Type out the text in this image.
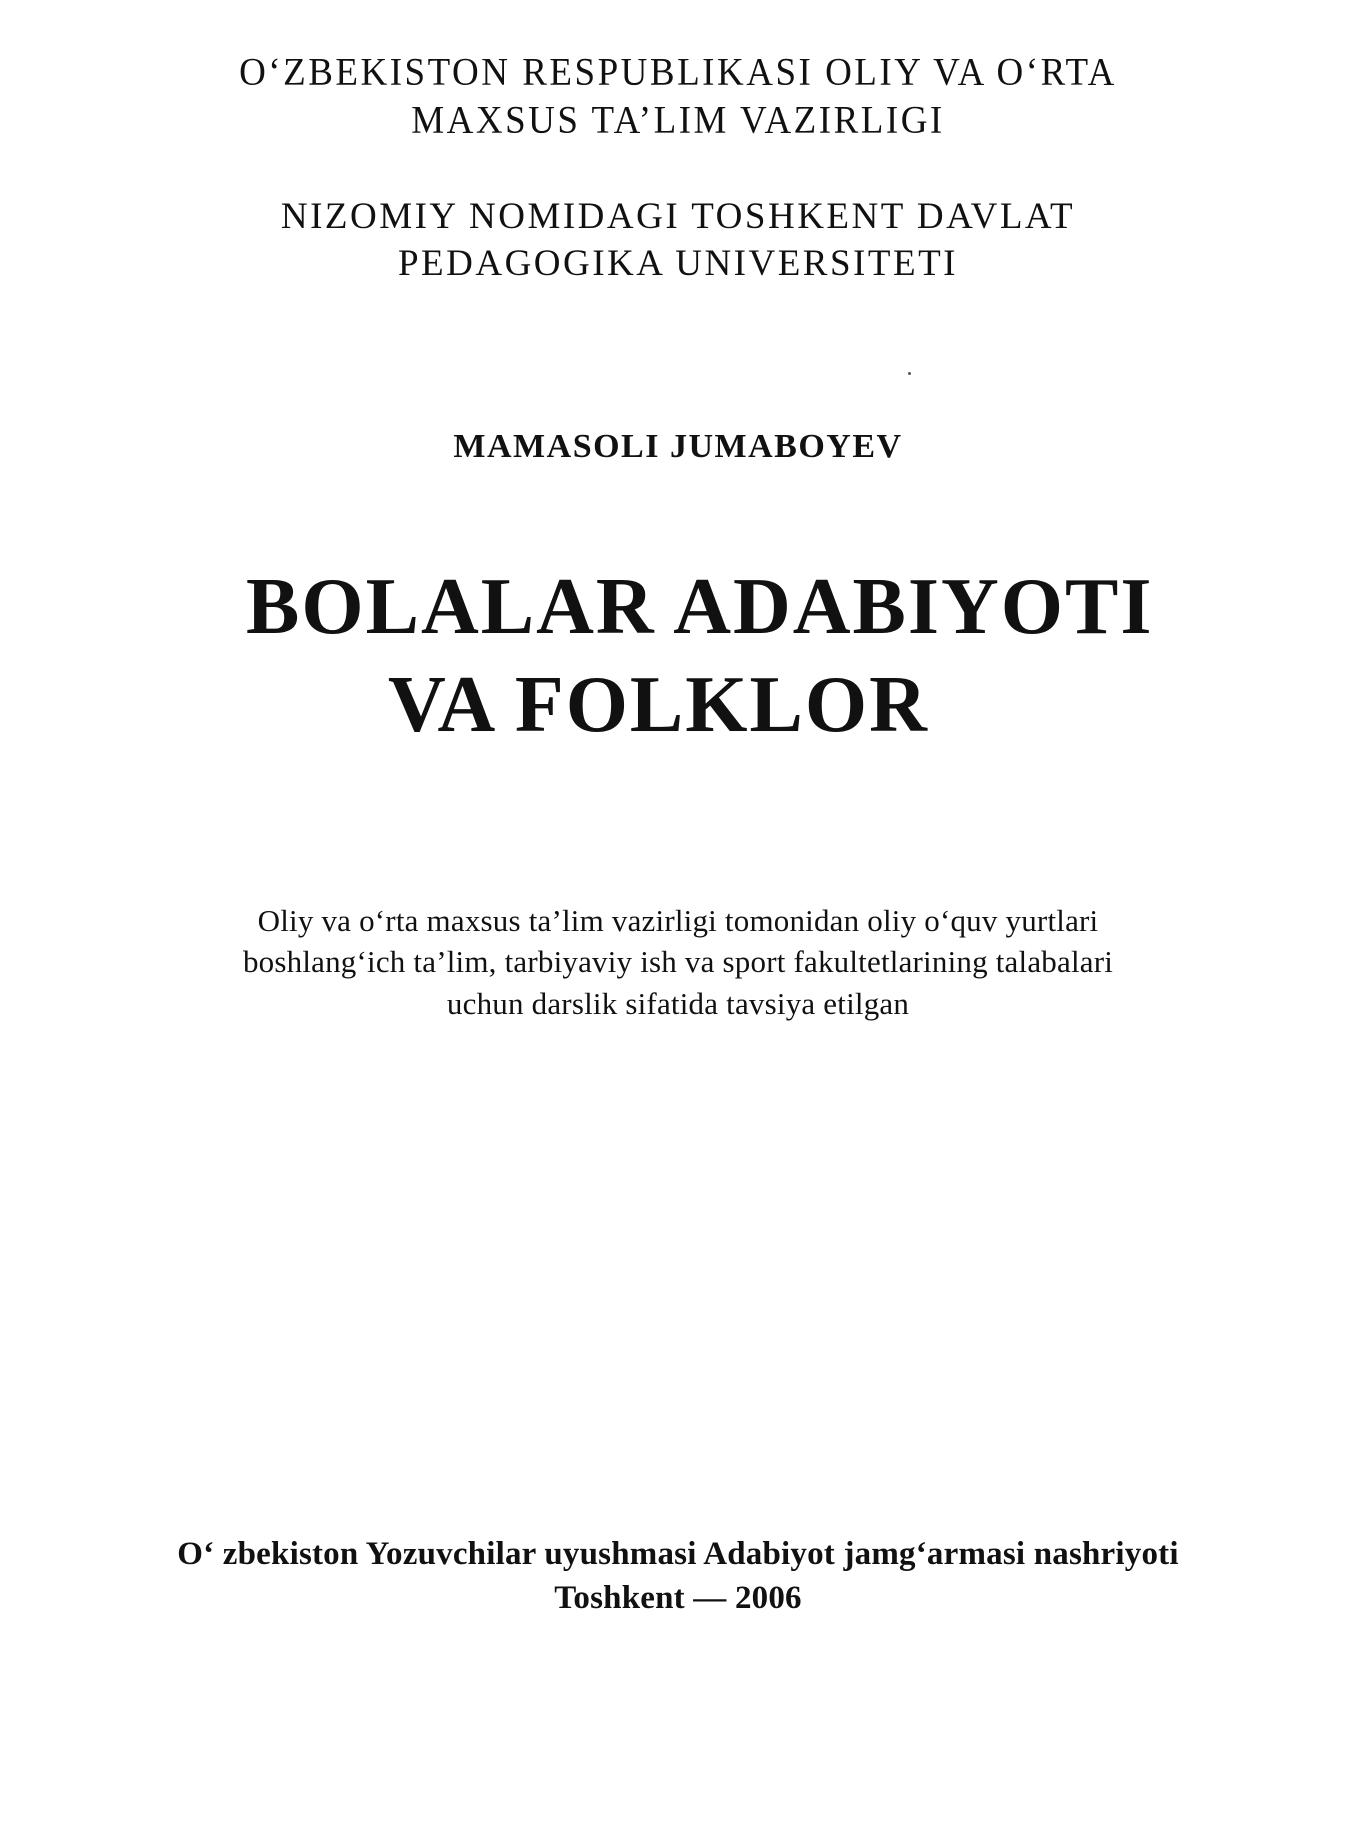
O‘ZBEKISTON RESPUBLIKASI OLIY VA O‘RTA
MAXSUS TA’LIM VAZIRLIGI
NIZOMIY NOMIDAGI TOSHKENT DAVLAT
PEDAGOGIKA UNIVERSITETI
MAMASOLI JUMABOYEV
BOLALAR ADABIYOTI
VA FOLKLOR
Oliy va o‘rta maxsus ta’lim vazirligi tomonidan oliy o‘quv yurtlari
boshlang‘ich ta’lim, tarbiyaviy ish va sport fakultetlarining talabalari
uchun darslik sifatida tavsiya etilgan
O‘ zbekiston Yozuvchilar uyushmasi Adabiyot jamg‘armasi nashriyoti
Toshkent — 2006
